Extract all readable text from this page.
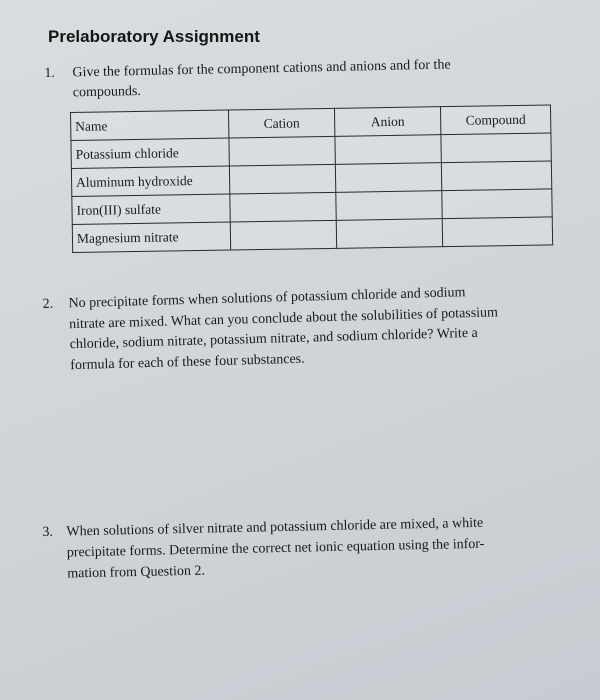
Prelaboratory Assignment
1. Give the formulas for the component cations and anions and for the
compounds.
Name	Cation	Anion	Compound
Potassium chloride			
Aluminum hydroxide			
Iron(III) sulfate			
Magnesium nitrate			
2. No precipitate forms when solutions of potassium chloride and sodium
nitrate are mixed. What can you conclude about the solubilities of potassium
chloride, sodium nitrate, potassium nitrate, and sodium chloride? Write a
formula for each of these four substances.
3. When solutions of silver nitrate and potassium chloride are mixed, a white
precipitate forms. Determine the correct net ionic equation using the infor-
mation from Question 2.
